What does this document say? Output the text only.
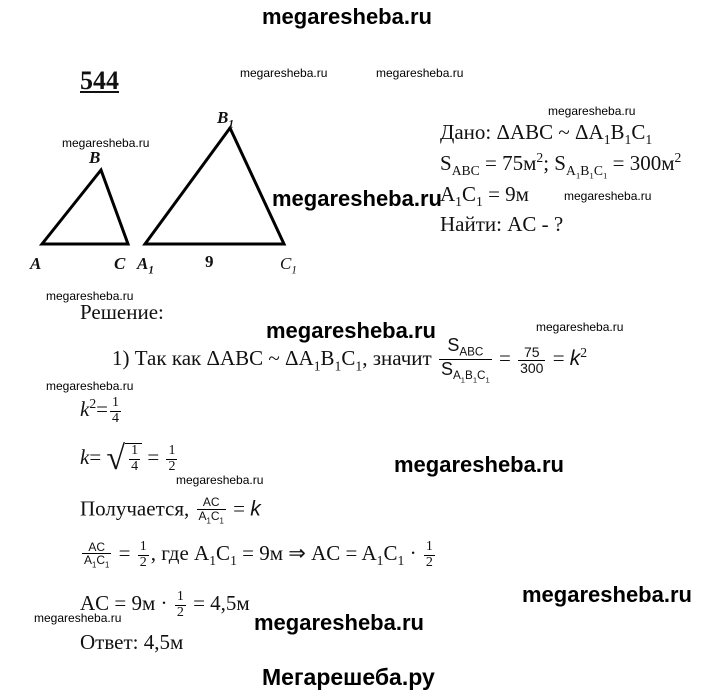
megaresheba.ru
megaresheba.ru	megaresheba.ru
megaresheba.ru
megaresheba.ru
megaresheba.ru	megaresheba.ru
megaresheba.ru
megaresheba.ru	megaresheba.ru
megaresheba.ru
megaresheba.ru
megaresheba.ru
megaresheba.ru
megaresheba.ru	megaresheba.ru
Мегарешеба.ру
544
B
A	C
$B_1$
$A_1$	9	$C_1$
Дано: ΔABC ~ $\Delta A_1B_1C_1$
$S_{ABC} = 75м^2$; $S_{A_1B_1C_1} = 300м^2$
$A_1C_1 = 9м$
Найти: AC - ?
Решение:
1) Так как ΔABC ~ $\Delta A_1B_1C_1$, значит $\frac{S_{ABC}}{S_{A_1B_1C_1}} = \frac{75}{300} = k^2$
$k^2= \frac{1}{4}$
k= √ $\frac{1}{4} = \frac{1}{2}$
Получается, $\frac{AC}{A_1C_1} = k$
$\frac{AC}{A_1C_1} = \frac{1}{2}$ , где $A_1C_1 = 9м$ ⇒ AC = $A_1C_1 \cdot \frac{1}{2}$
AC = $9м \cdot \frac{1}{2} = 4,5м$
Ответ: 4,5м
